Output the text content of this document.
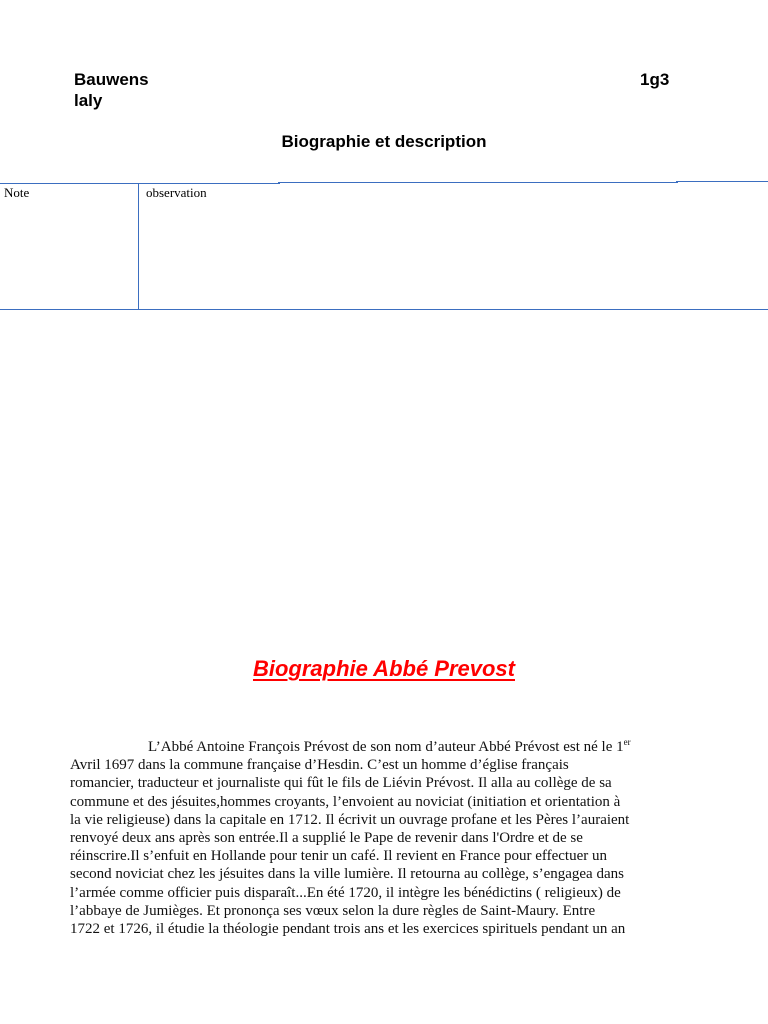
Bauwens
laly
1g3
Biographie et description
Note	observation
Biographie Abbé Prevost
L’Abbé Antoine François Prévost de son nom d’auteur Abbé Prévost est né le 1er
Avril 1697 dans la commune française d’Hesdin. C’est un homme d’église français
romancier, traducteur et journaliste qui fût le fils de Liévin Prévost. Il alla au collège de sa
commune et des jésuites,hommes croyants, l’envoient au noviciat (initiation et orientation à
la vie religieuse) dans la capitale en 1712. Il écrivit un ouvrage profane et les Pères l’auraient
renvoyé deux ans après son entrée.Il a supplié le Pape de revenir dans l'Ordre et de se
réinscrire.Il s’enfuit en Hollande pour tenir un café. Il revient en France pour effectuer un
second noviciat chez les jésuites dans la ville lumière. Il retourna au collège, s’engagea dans
l’armée comme officier puis disparaît...En été 1720, il intègre les bénédictins ( religieux) de
l’abbaye de Jumièges. Et prononça ses vœux selon la dure règles de Saint-Maury. Entre
1722 et 1726, il étudie la théologie pendant trois ans et les exercices spirituels pendant un an
